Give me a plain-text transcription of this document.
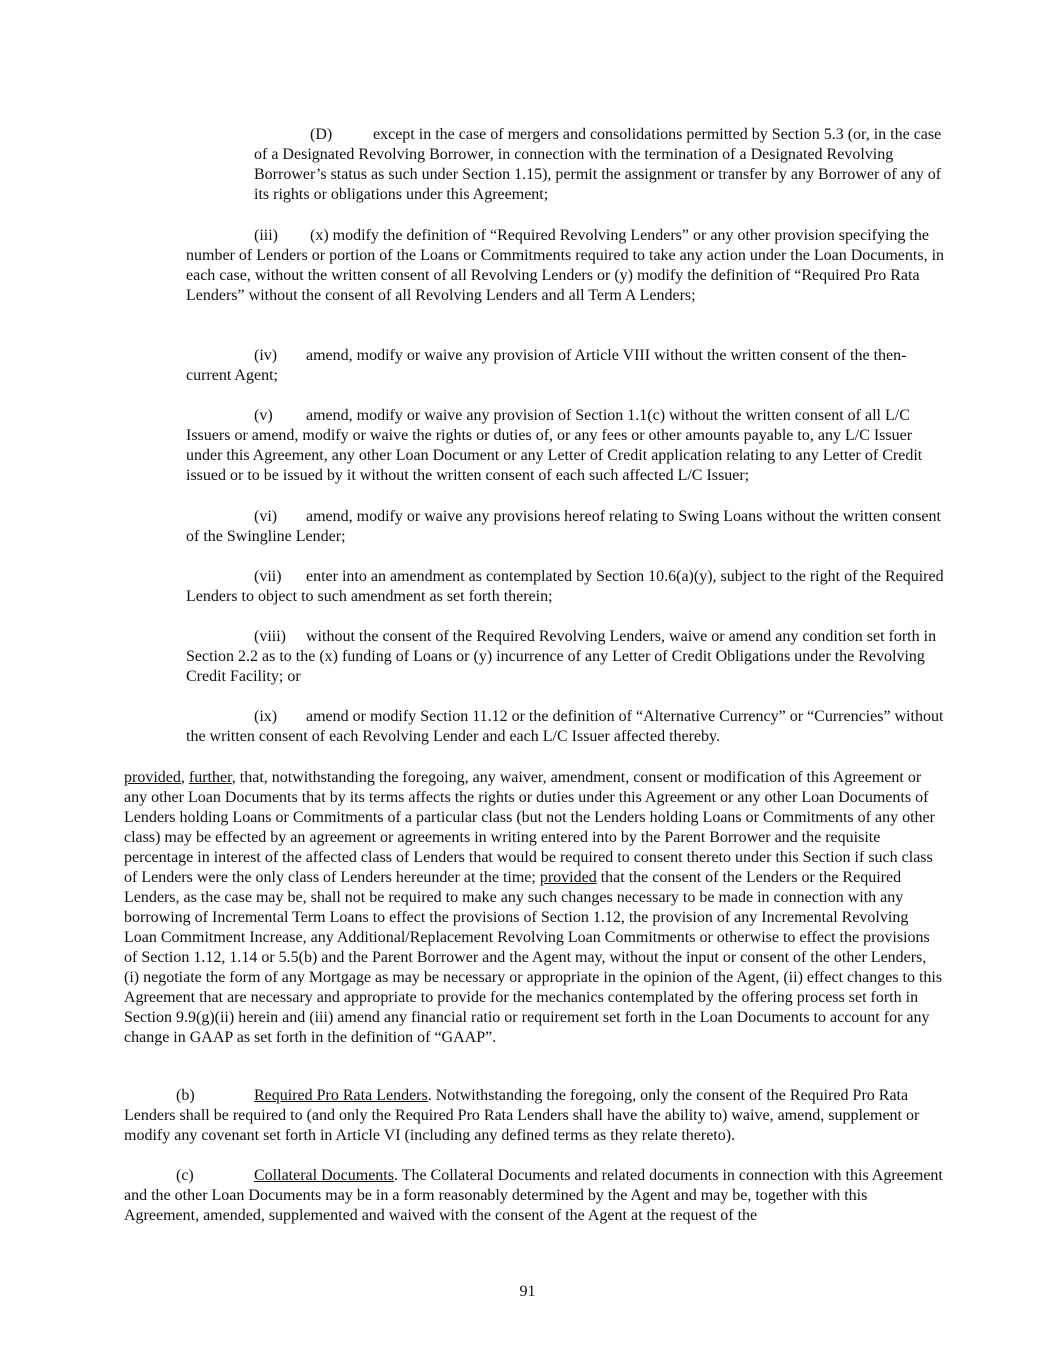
(D)	except in the case of mergers and consolidations permitted by Section 5.3 (or, in the case of a Designated Revolving Borrower, in connection with the termination of a Designated Revolving Borrower’s status as such under Section 1.15), permit the assignment or transfer by any Borrower of any of its rights or obligations under this Agreement;

(iii) (x) modify the definition of “Required Revolving Lenders” or any other provision specifying the number of Lenders or portion of the Loans or Commitments required to take any action under the Loan Documents, in each case, without the written consent of all Revolving Lenders or (y) modify the definition of “Required Pro Rata Lenders” without the consent of all Revolving Lenders and all Term A Lenders;

(iv) amend, modify or waive any provision of Article VIII without the written consent of the then-current Agent;

(v) amend, modify or waive any provision of Section 1.1(c) without the written consent of all L/C Issuers or amend, modify or waive the rights or duties of, or any fees or other amounts payable to, any L/C Issuer under this Agreement, any other Loan Document or any Letter of Credit application relating to any Letter of Credit issued or to be issued by it without the written consent of each such affected L/C Issuer;

(vi) amend, modify or waive any provisions hereof relating to Swing Loans without the written consent of the Swingline Lender;

(vii) enter into an amendment as contemplated by Section 10.6(a)(y), subject to the right of the Required Lenders to object to such amendment as set forth therein;

(viii) without the consent of the Required Revolving Lenders, waive or amend any condition set forth in Section 2.2 as to the (x) funding of Loans or (y) incurrence of any Letter of Credit Obligations under the Revolving Credit Facility; or

(ix) amend or modify Section 11.12 or the definition of “Alternative Currency” or “Currencies” without the written consent of each Revolving Lender and each L/C Issuer affected thereby.

provided, further, that, notwithstanding the foregoing, any waiver, amendment, consent or modification of this Agreement or any other Loan Documents that by its terms affects the rights or duties under this Agreement or any other Loan Documents of Lenders holding Loans or Commitments of a particular class (but not the Lenders holding Loans or Commitments of any other class) may be effected by an agreement or agreements in writing entered into by the Parent Borrower and the requisite percentage in interest of the affected class of Lenders that would be required to consent thereto under this Section if such class of Lenders were the only class of Lenders hereunder at the time; provided that the consent of the Lenders or the Required Lenders, as the case may be, shall not be required to make any such changes necessary to be made in connection with any borrowing of Incremental Term Loans to effect the provisions of Section 1.12, the provision of any Incremental Revolving Loan Commitment Increase, any Additional/Replacement Revolving Loan Commitments or otherwise to effect the provisions of Section 1.12, 1.14 or 5.5(b) and the Parent Borrower and the Agent may, without the input or consent of the other Lenders, (i) negotiate the form of any Mortgage as may be necessary or appropriate in the opinion of the Agent, (ii) effect changes to this Agreement that are necessary and appropriate to provide for the mechanics contemplated by the offering process set forth in Section 9.9(g)(ii) herein and (iii) amend any financial ratio or requirement set forth in the Loan Documents to account for any change in GAAP as set forth in the definition of “GAAP”.

(b)	Required Pro Rata Lenders. Notwithstanding the foregoing, only the consent of the Required Pro Rata Lenders shall be required to (and only the Required Pro Rata Lenders shall have the ability to) waive, amend, supplement or modify any covenant set forth in Article VI (including any defined terms as they relate thereto).

(c)	Collateral Documents. The Collateral Documents and related documents in connection with this Agreement and the other Loan Documents may be in a form reasonably determined by the Agent and may be, together with this Agreement, amended, supplemented and waived with the consent of the Agent at the request of the

91
